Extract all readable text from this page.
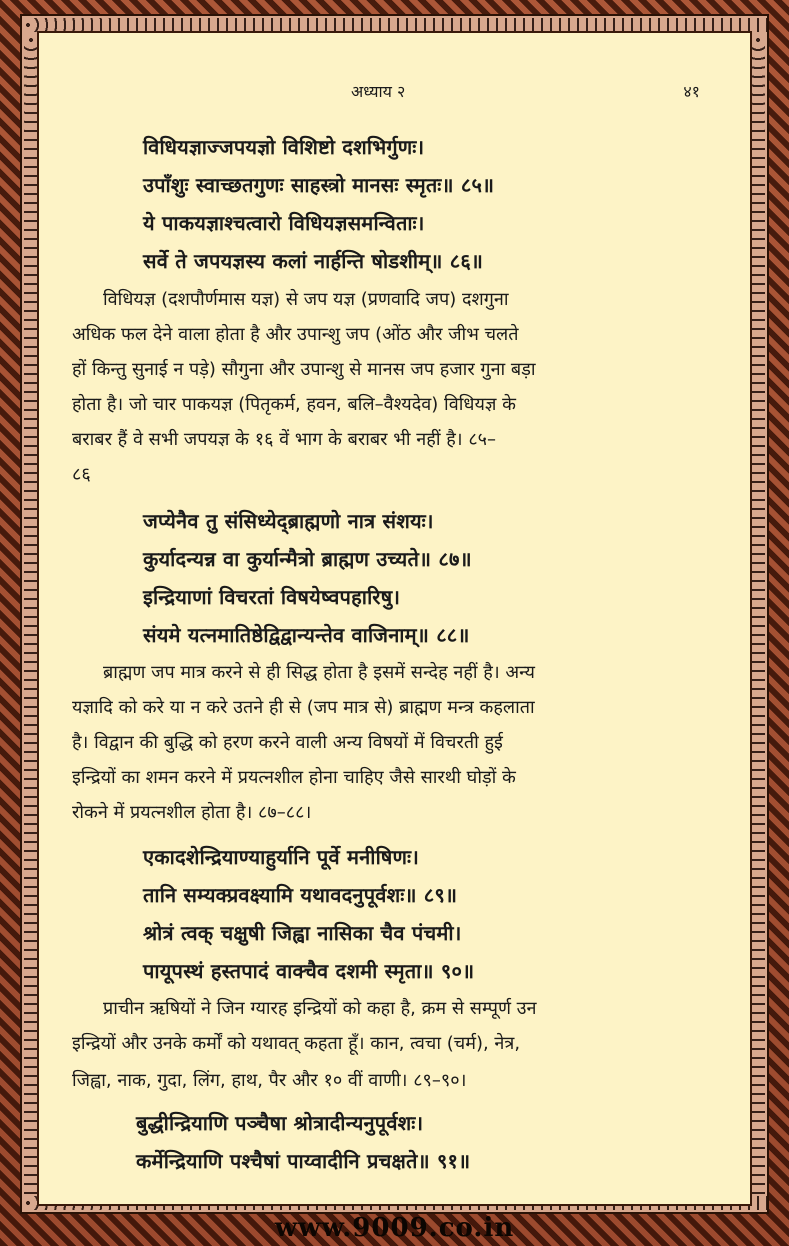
अध्याय २	४१
विधियज्ञाज्जपयज्ञो विशिष्टो दशभिर्गुणः।
उपाँशुः स्वाच्छतगुणः साहस्त्रो मानसः स्मृतः॥ ८५॥
ये पाकयज्ञाश्चत्वारो विधियज्ञसमन्विताः।
सर्वे ते जपयज्ञस्य कलां नार्हन्ति षोडशीम्॥ ८६॥
विधियज्ञ (दशपौर्णमास यज्ञ) से जप यज्ञ (प्रणवादि जप) दशगुना
अधिक फल देने वाला होता है और उपान्शु जप (ओंठ और जीभ चलते
हों किन्तु सुनाई न पड़े) सौगुना और उपान्शु से मानस जप हजार गुना बड़ा
होता है। जो चार पाकयज्ञ (पितृकर्म, हवन, बलि–वैश्यदेव) विधियज्ञ के
बराबर हैं वे सभी जपयज्ञ के १६ वें भाग के बराबर भी नहीं है। ८५–
८६
जप्येनैव तु संसिध्येद्ब्राह्मणो नात्र संशयः।
कुर्यादन्यन्न वा कुर्यान्मैत्रो ब्राह्मण उच्यते॥ ८७॥
इन्द्रियाणां विचरतां विषयेष्वपहारिषु।
संयमे यत्नमातिष्ठेद्विद्वान्यन्तेव वाजिनाम्॥ ८८॥
ब्राह्मण जप मात्र करने से ही सिद्ध होता है इसमें सन्देह नहीं है। अन्य
यज्ञादि को करे या न करे उतने ही से (जप मात्र से) ब्राह्मण मन्त्र कहलाता
है। विद्वान की बुद्धि को हरण करने वाली अन्य विषयों में विचरती हुई
इन्द्रियों का शमन करने में प्रयत्नशील होना चाहिए जैसे सारथी घोड़ों के
रोकने में प्रयत्नशील होता है। ८७–८८।
एकादशेन्द्रियाण्याहुर्यानि पूर्वे मनीषिणः।
तानि सम्यक्प्रवक्ष्यामि यथावदनुपूर्वशः॥ ८९॥
श्रोत्रं त्वक् चक्षुषी जिह्वा नासिका चैव पंचमी।
पायूपस्थं हस्तपादं वाक्चैव दशमी स्मृता॥ ९०॥
प्राचीन ऋषियों ने जिन ग्यारह इन्द्रियों को कहा है, क्रम से सम्पूर्ण उन
इन्द्रियों और उनके कर्मों को यथावत् कहता हूँ। कान, त्वचा (चर्म), नेत्र,
जिह्वा, नाक, गुदा, लिंग, हाथ, पैर और १० वीं वाणी। ८९–९०।
बुद्धीन्द्रियाणि पञ्चैषा श्रोत्रादीन्यनुपूर्वशः।
कर्मेन्द्रियाणि पश्चैषां पाय्वादीनि प्रचक्षते॥ ९१॥
www.9009.co.in
